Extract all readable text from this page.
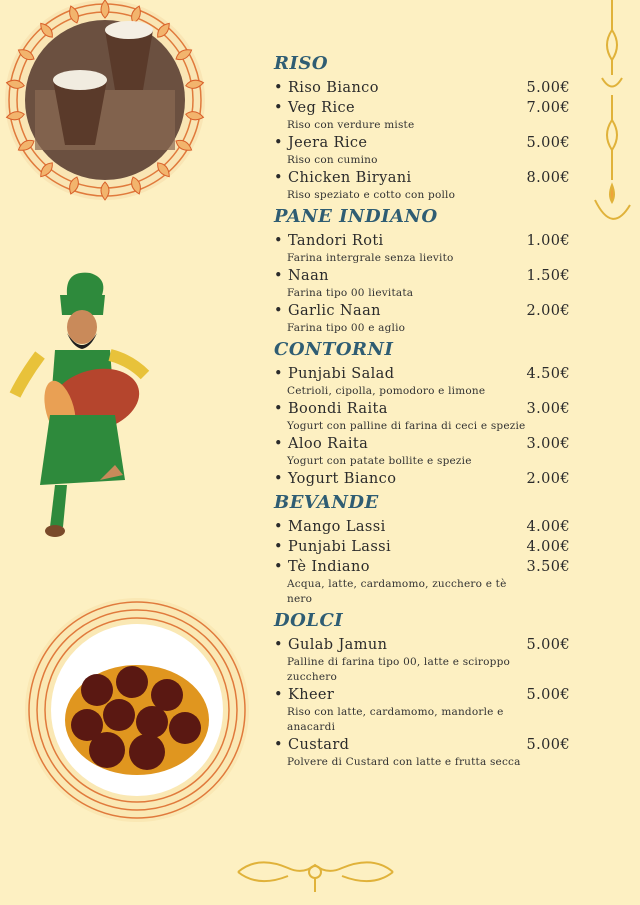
RISO
• Riso Bianco	5.00€
• Veg Rice	7.00€
Riso con verdure miste
• Jeera Rice	5.00€
Riso con cumino
• Chicken Biryani	8.00€
Riso speziato e cotto con pollo
PANE INDIANO
• Tandori Roti	1.00€
Farina intergrale senza lievito
• Naan	1.50€
Farina tipo 00 lievitata
• Garlic Naan	2.00€
Farina tipo 00 e aglio
CONTORNI
• Punjabi Salad	4.50€
Cetrioli, cipolla, pomodoro e limone
• Boondi Raita	3.00€
Yogurt con palline di farina di ceci e spezie
• Aloo Raita	3.00€
Yogurt con patate bollite e spezie
• Yogurt Bianco	2.00€
BEVANDE
• Mango Lassi	4.00€
• Punjabi Lassi	4.00€
• Tè Indiano	3.50€
Acqua, latte, cardamomo, zucchero e tè nero
DOLCI
• Gulab Jamun	5.00€
Palline di farina tipo 00, latte e sciroppo zucchero
• Kheer	5.00€
Riso con latte, cardamomo, mandorle e anacardi
• Custard	5.00€
Polvere di Custard con latte e frutta secca
